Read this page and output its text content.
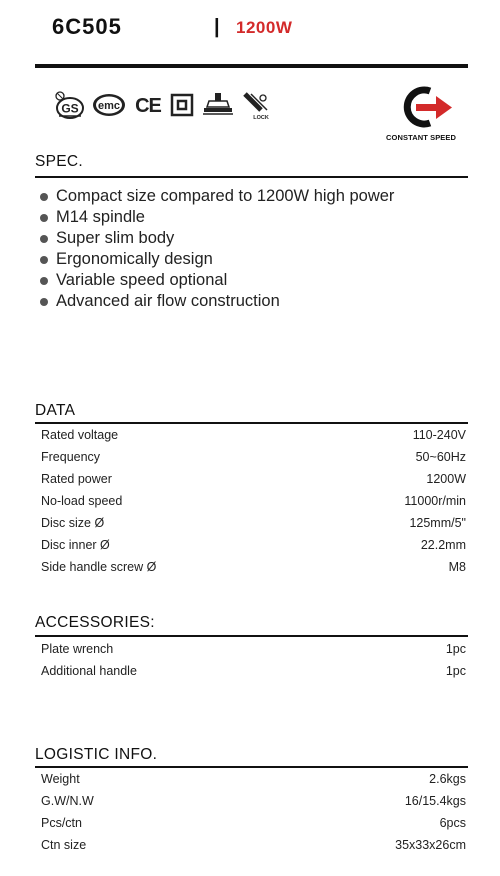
6C505	| 1200W
GS emc CE
LOCK
CONSTANT SPEED
SPEC.
Compact size compared to 1200W high power
M14 spindle
Super slim body
Ergonomically design
Variable speed optional
Advanced air flow construction
DATA
Rated voltage	110-240V
Frequency	50~60Hz
Rated power	1200W
No-load speed	11000r/min
Disc size Ø	125mm/5"
Disc inner Ø	22.2mm
Side handle screw Ø	M8
ACCESSORIES:
Plate wrench	1pc
Additional handle	1pc
LOGISTIC INFO.
Weight	2.6kgs
G.W/N.W	16/15.4kgs
Pcs/ctn	6pcs
Ctn size	35x33x26cm
